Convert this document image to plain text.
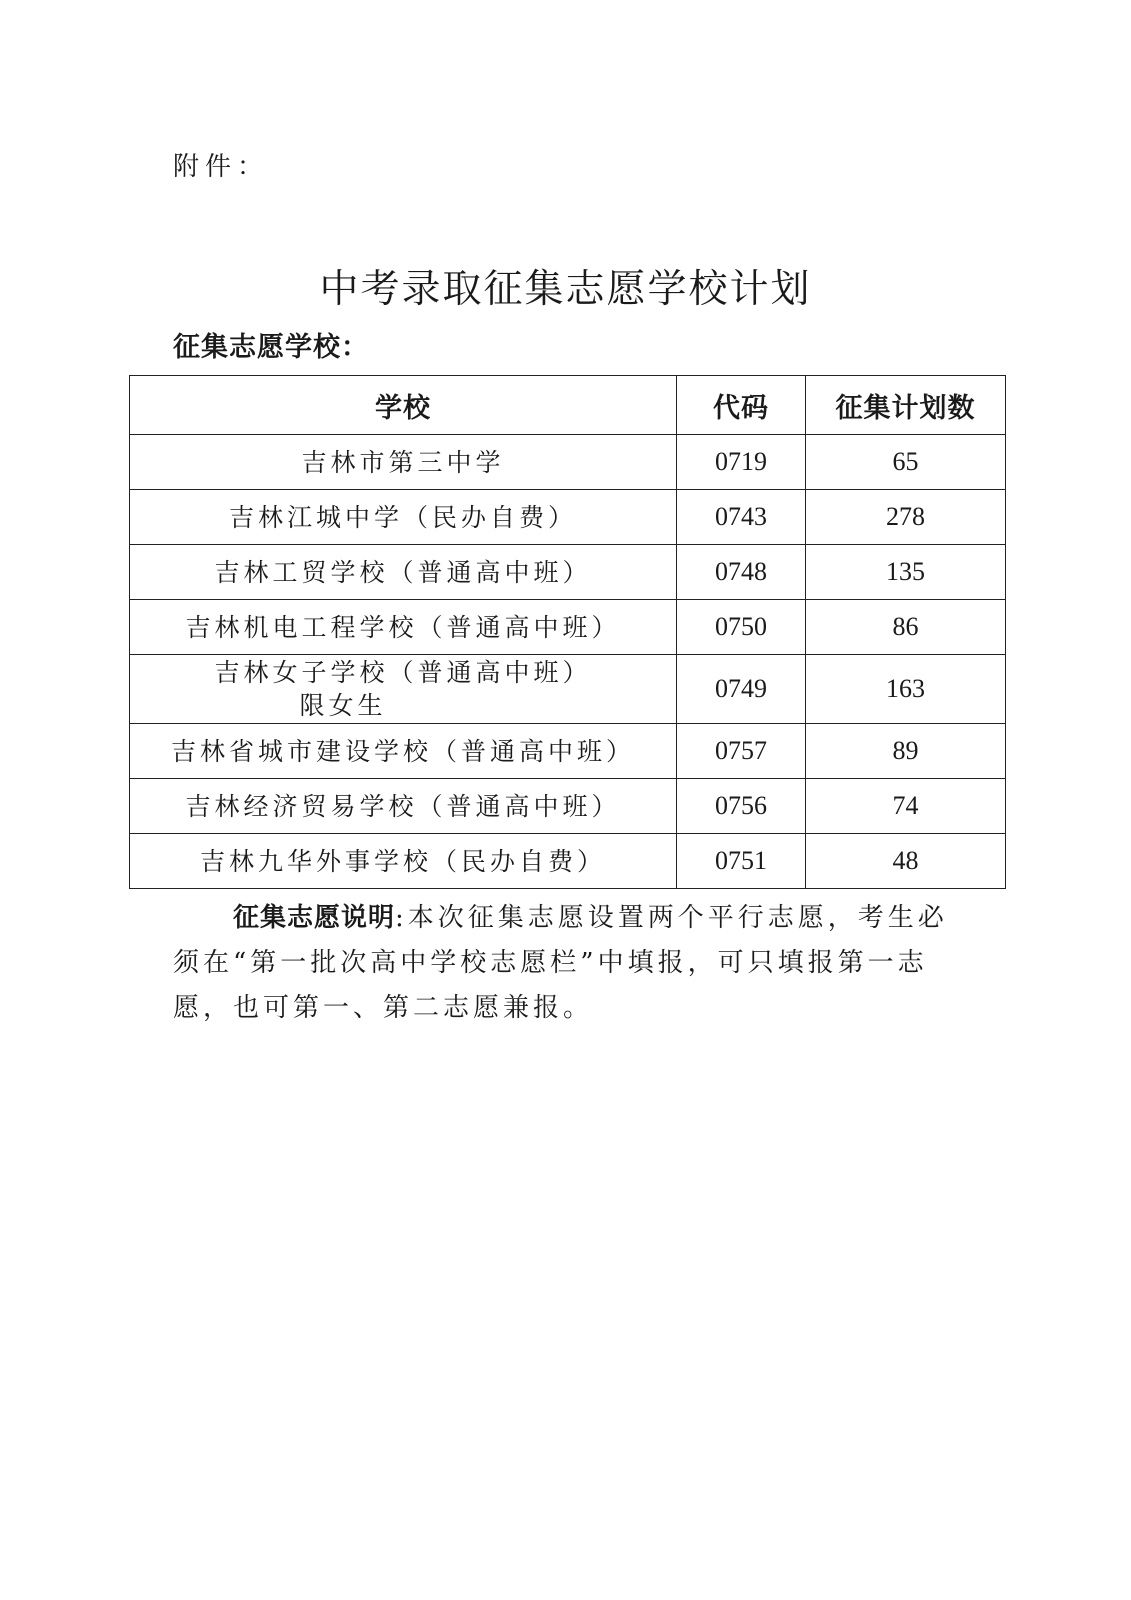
附件：
中考录取征集志愿学校计划
征集志愿学校：
学校	代码	征集计划数
吉林市第三中学	0719	65
吉林江城中学（民办自费）	0743	278
吉林工贸学校（普通高中班）	0748	135
吉林机电工程学校（普通高中班）	0750	86

吉林女子学校（普通高中班）
限女生	0749	163
吉林省城市建设学校（普通高中班）	0757	89
吉林经济贸易学校（普通高中班）	0756	74
吉林九华外事学校（民办自费）	0751	48
征集志愿说明:本次征集志愿设置两个平行志愿，考生必须在“第一批次高中学校志愿栏”中填报，可只填报第一志愿，也可第一、第二志愿兼报。
